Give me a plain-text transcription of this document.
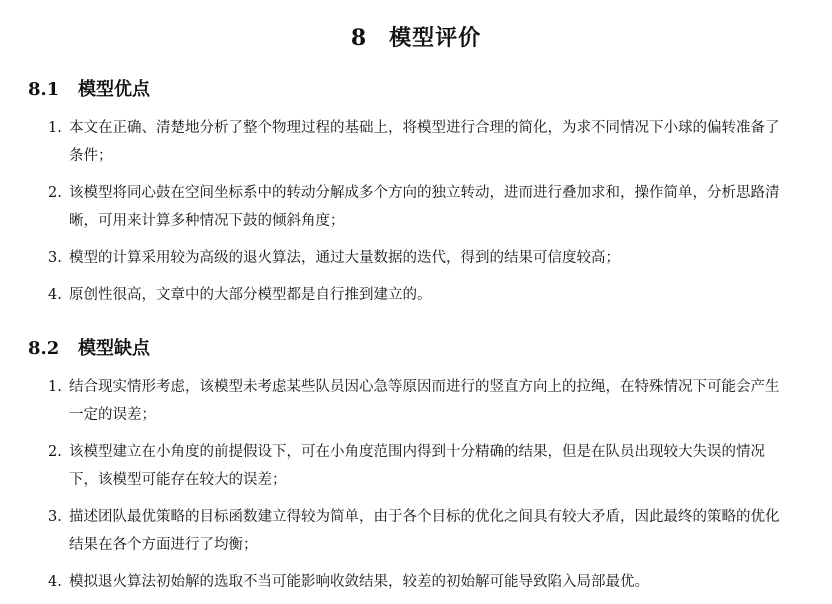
8 模型评价
8.1 模型优点
1. 本文在正确、清楚地分析了整个物理过程的基础上，将模型进行合理的简化，为求不同情况下小球的偏转准备了条件；
2. 该模型将同心鼓在空间坐标系中的转动分解成多个方向的独立转动，进而进行叠加求和，操作简单，分析思路清晰，可用来计算多种情况下鼓的倾斜角度；
3. 模型的计算采用较为高级的退火算法，通过大量数据的迭代，得到的结果可信度较高；
4. 原创性很高，文章中的大部分模型都是自行推到建立的。
8.2 模型缺点
1. 结合现实情形考虑，该模型未考虑某些队员因心急等原因而进行的竖直方向上的拉绳，在特殊情况下可能会产生一定的误差；
2. 该模型建立在小角度的前提假设下，可在小角度范围内得到十分精确的结果，但是在队员出现较大失误的情况下，该模型可能存在较大的误差；
3. 描述团队最优策略的目标函数建立得较为简单，由于各个目标的优化之间具有较大矛盾，因此最终的策略的优化结果在各个方面进行了均衡；
4. 模拟退火算法初始解的选取不当可能影响收敛结果，较差的初始解可能导致陷入局部最优。
